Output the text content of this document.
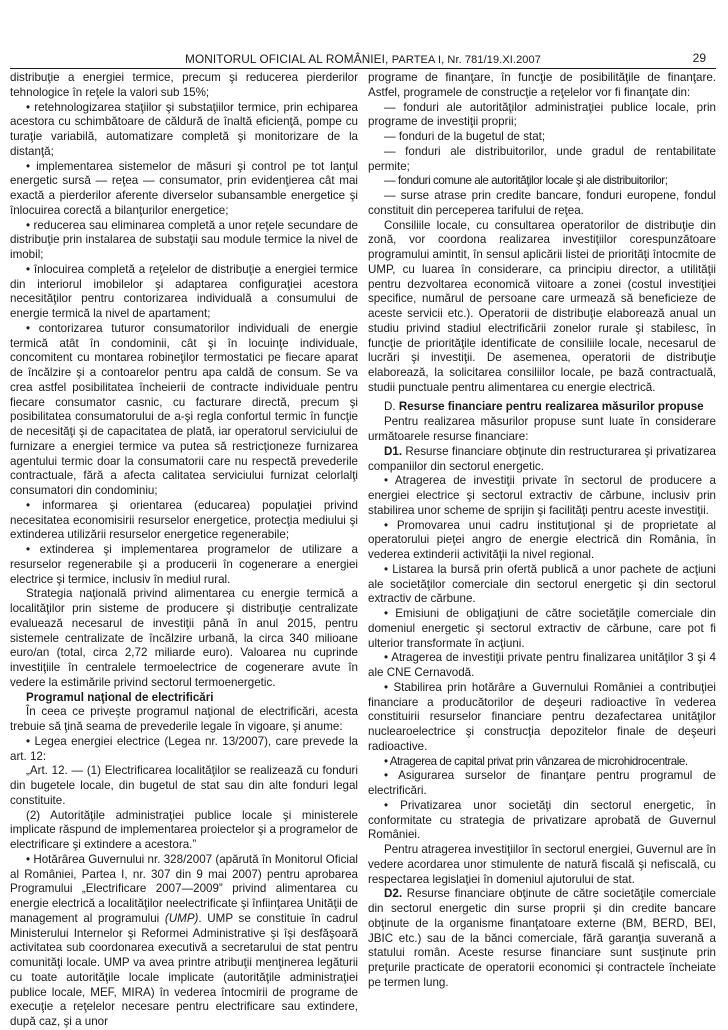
MONITORUL OFICIAL AL ROMÂNIEI, PARTEA I, Nr. 781/19.XI.2007	29

distribuţie a energiei termice, precum şi reducerea pierderilor tehnologice în reţele la valori sub 15%;

• retehnologizarea staţiilor şi substaţiilor termice, prin echiparea acestora cu schimbătoare de căldură de înaltă eficienţă, pompe cu turaţie variabilă, automatizare completă şi monitorizare de la distanţă;

• implementarea sistemelor de măsuri şi control pe tot lanţul energetic sursă — reţea — consumator, prin evidenţierea cât mai exactă a pierderilor aferente diverselor subansamble energetice şi înlocuirea corectă a bilanţurilor energetice;

• reducerea sau eliminarea completă a unor reţele secundare de distribuţie prin instalarea de substaţii sau module termice la nivel de imobil;

• înlocuirea completă a reţelelor de distribuţie a energiei termice din interiorul imobilelor şi adaptarea configuraţiei acestora necesităţilor pentru contorizarea individuală a consumului de energie termică la nivel de apartament;

• contorizarea tuturor consumatorilor individuali de energie termică atât în condominii, cât şi în locuinţe individuale, concomitent cu montarea robineţilor termostatici pe fiecare aparat de încălzire şi a contoarelor pentru apa caldă de consum. Se va crea astfel posibilitatea încheierii de contracte individuale pentru fiecare consumator casnic, cu facturare directă, precum şi posibilitatea consumatorului de a-şi regla confortul termic în funcţie de necesităţi şi de capacitatea de plată, iar operatorul serviciului de furnizare a energiei termice va putea să restricţioneze furnizarea agentului termic doar la consumatorii care nu respectă prevederile contractuale, fără a afecta calitatea serviciului furnizat celorlalţi consumatori din condominiu;

• informarea şi orientarea (educarea) populaţiei privind necesitatea economisirii resurselor energetice, protecţia mediului şi extinderea utilizării resurselor energetice regenerabile;

• extinderea şi implementarea programelor de utilizare a resurselor regenerabile şi a producerii în cogenerare a energiei electrice şi termice, inclusiv în mediul rural.

Strategia naţională privind alimentarea cu energie termică a localităţilor prin sisteme de producere şi distribuţie centralizate evaluează necesarul de investiţii până în anul 2015, pentru sistemele centralizate de încălzire urbană, la circa 340 milioane euro/an (total, circa 2,72 miliarde euro). Valoarea nu cuprinde investiţiile în centralele termoelectrice de cogenerare avute în vedere la estimările privind sectorul termoenergetic.

Programul naţional de electrificări

În ceea ce priveşte programul naţional de electrificări, acesta trebuie să ţină seama de prevederile legale în vigoare, şi anume:

• Legea energiei electrice (Legea nr. 13/2007), care prevede la art. 12:

„Art. 12. — (1) Electrificarea localităţilor se realizează cu fonduri din bugetele locale, din bugetul de stat sau din alte fonduri legal constituite.

(2) Autorităţile administraţiei publice locale şi ministerele implicate răspund de implementarea proiectelor şi a programelor de electrificare şi extindere a acestora.”

• Hotărârea Guvernului nr. 328/2007 (apărută în Monitorul Oficial al României, Partea I, nr. 307 din 9 mai 2007) pentru aprobarea Programului „Electrificare 2007—2009” privind alimentarea cu energie electrică a localităţilor neelectrificate şi înfiinţarea Unităţii de management al programului (UMP). UMP se constituie în cadrul Ministerului Internelor şi Reformei Administrative şi îşi desfăşoară activitatea sub coordonarea executivă a secretarului de stat pentru comunităţi locale. UMP va avea printre atribuţii menţinerea legăturii cu toate autorităţile locale implicate (autorităţile administraţiei publice locale, MEF, MIRA) în vederea întocmirii de programe de execuţie a reţelelor necesare pentru electrificare sau extindere, după caz, şi a unor

programe de finanţare, în funcţie de posibilităţile de finanţare. Astfel, programele de construcţie a reţelelor vor fi finanţate din:

— fonduri ale autorităţilor administraţiei publice locale, prin programe de investiţii proprii;

— fonduri de la bugetul de stat;

— fonduri ale distribuitorilor, unde gradul de rentabilitate permite;

— fonduri comune ale autorităţilor locale şi ale distribuitorilor;

— surse atrase prin credite bancare, fonduri europene, fondul constituit din perceperea tarifului de reţea.

Consiliile locale, cu consultarea operatorilor de distribuţie din zonă, vor coordona realizarea investiţiilor corespunzătoare programului amintit, în sensul aplicării listei de priorităţi întocmite de UMP, cu luarea în considerare, ca principiu director, a utilităţii pentru dezvoltarea economică viitoare a zonei (costul investiţiei specifice, numărul de persoane care urmează să beneficieze de aceste servicii etc.). Operatorii de distribuţie elaborează anual un studiu privind stadiul electrificării zonelor rurale şi stabilesc, în funcţie de priorităţile identificate de consiliile locale, necesarul de lucrări şi investiţii. De asemenea, operatorii de distribuţie elaborează, la solicitarea consiliilor locale, pe bază contractuală, studii punctuale pentru alimentarea cu energie electrică.

D. Resurse financiare pentru realizarea măsurilor propuse

Pentru realizarea măsurilor propuse sunt luate în considerare următoarele resurse financiare:

D1. Resurse financiare obţinute din restructurarea şi privatizarea companiilor din sectorul energetic.

• Atragerea de investiţii private în sectorul de producere a energiei electrice şi sectorul extractiv de cărbune, inclusiv prin stabilirea unor scheme de sprijin şi facilităţi pentru aceste investiţii.

• Promovarea unui cadru instituţional şi de proprietate al operatorului pieţei angro de energie electrică din România, în vederea extinderii activităţii la nivel regional.

• Listarea la bursă prin ofertă publică a unor pachete de acţiuni ale societăţilor comerciale din sectorul energetic şi din sectorul extractiv de cărbune.

• Emisiuni de obligaţiuni de către societăţile comerciale din domeniul energetic şi sectorul extractiv de cărbune, care pot fi ulterior transformate în acţiuni.

• Atragerea de investiţii private pentru finalizarea unităţilor 3 şi 4 ale CNE Cernavodă.

• Stabilirea prin hotărâre a Guvernului României a contribuţiei financiare a producătorilor de deşeuri radioactive în vederea constituirii resurselor financiare pentru dezafectarea unităţilor nuclearoelectrice şi construcţia depozitelor finale de deşeuri radioactive.

• Atragerea de capital privat prin vânzarea de microhidrocentrale.

• Asigurarea surselor de finanţare pentru programul de electrificări.

• Privatizarea unor societăţi din sectorul energetic, în conformitate cu strategia de privatizare aprobată de Guvernul României.

Pentru atragerea investiţiilor în sectorul energiei, Guvernul are în vedere acordarea unor stimulente de natură fiscală şi nefiscală, cu respectarea legislaţiei în domeniul ajutorului de stat.

D2. Resurse financiare obţinute de către societăţile comerciale din sectorul energetic din surse proprii şi din credite bancare obţinute de la organisme finanţatoare externe (BM, BERD, BEI, JBIC etc.) sau de la bănci comerciale, fără garanţia suverană a statului român. Aceste resurse financiare sunt susţinute prin preţurile practicate de operatorii economici şi contractele încheiate pe termen lung.
